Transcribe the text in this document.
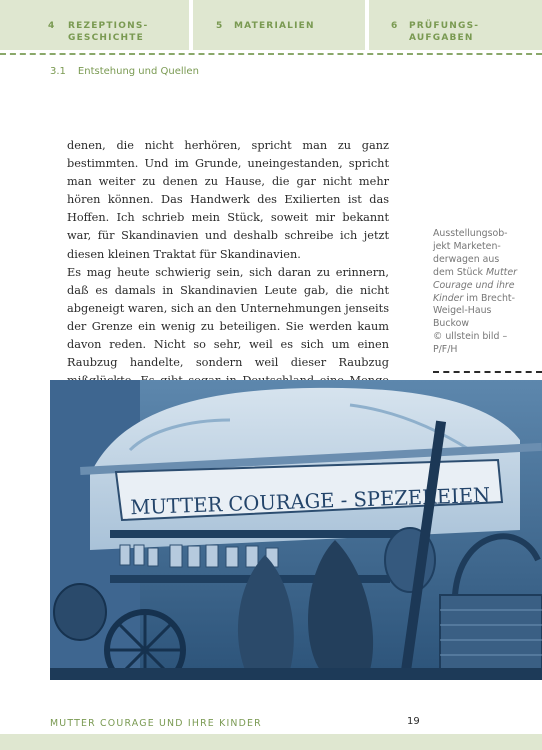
4 REZEPTIONS-
GESCHICHTE
5 MATERIALIEN	6 PRÜFUNGS-
AUFGABEN
3.1 Entstehung und Quellen

denen, die nicht herhören, spricht man zu ganz bestimmten. Und im Grunde, uneingestanden, spricht man weiter zu denen zu Hause, die gar nicht mehr hören können. Das Handwerk des Exilierten ist das Hoffen. Ich schrieb mein Stück, soweit mir bekannt war, für Skandinavien und deshalb schreibe ich jetzt diesen kleinen Traktat für Skandinavien.

Es mag heute schwierig sein, sich daran zu erinnern, daß es damals in Skandinavien Leute gab, die nicht abgeneigt waren, sich an den Unternehmungen jenseits der Grenze ein wenig zu beteiligen. Sie werden kaum davon reden. Nicht so sehr, weil es sich um einen Raubzug handelte, sondern weil dieser Raubzug

Ausstellungsob-
jekt Marketen-
derwagen aus
dem Stück Mutter
Courage und ihre
Kinder im Brecht-
Weigel-Haus
Buckow
© ullstein bild –
P/F/H
MUTTER COURAGE - SPEZEREIEN
MUTTER COURAGE UND IHRE KINDER	19
